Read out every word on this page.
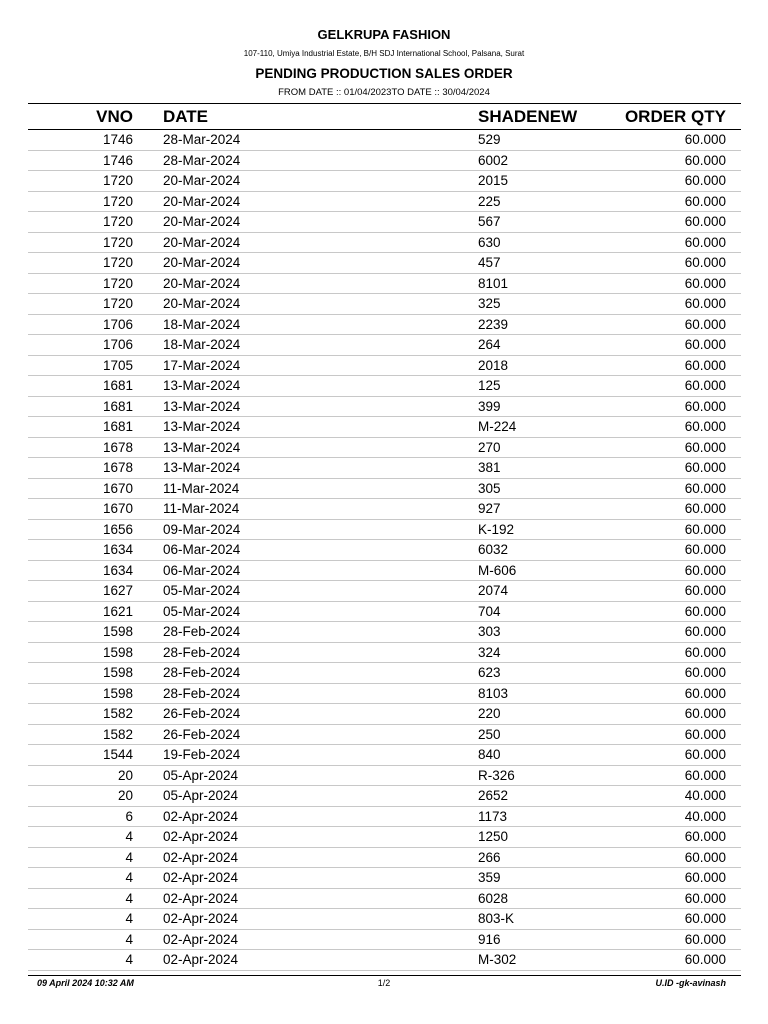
GELKRUPA FASHION
107-110, Umiya Industrial Estate, B/H SDJ International School, Palsana, Surat
PENDING PRODUCTION SALES ORDER
FROM DATE :: 01/04/2023TO DATE :: 30/04/2024
VNO DATE	SHADENEW	ORDER QTY
1746 28-Mar-2024	529	60.000
1746 28-Mar-2024	6002	60.000
1720 20-Mar-2024	2015	60.000
1720 20-Mar-2024	225	60.000
1720 20-Mar-2024	567	60.000
1720 20-Mar-2024	630	60.000
1720 20-Mar-2024	457	60.000
1720 20-Mar-2024	8101	60.000
1720 20-Mar-2024	325	60.000
1706 18-Mar-2024	2239	60.000
1706 18-Mar-2024	264	60.000
1705 17-Mar-2024	2018	60.000
1681 13-Mar-2024	125	60.000
1681 13-Mar-2024	399	60.000
1681 13-Mar-2024	M-224	60.000
1678 13-Mar-2024	270	60.000
1678 13-Mar-2024	381	60.000
1670 11-Mar-2024	305	60.000
1670 11-Mar-2024	927	60.000
1656 09-Mar-2024	K-192	60.000
1634 06-Mar-2024	6032	60.000
1634 06-Mar-2024	M-606	60.000
1627 05-Mar-2024	2074	60.000
1621 05-Mar-2024	704	60.000
1598 28-Feb-2024	303	60.000
1598 28-Feb-2024	324	60.000
1598 28-Feb-2024	623	60.000
1598 28-Feb-2024	8103	60.000
1582 26-Feb-2024	220	60.000
1582 26-Feb-2024	250	60.000
1544 19-Feb-2024	840	60.000
20 05-Apr-2024	R-326	60.000
20 05-Apr-2024	2652	40.000
6 02-Apr-2024	1173	40.000
4 02-Apr-2024	1250	60.000
4 02-Apr-2024	266	60.000
4 02-Apr-2024	359	60.000
4 02-Apr-2024	6028	60.000
4 02-Apr-2024	803-K	60.000
4 02-Apr-2024	916	60.000
4 02-Apr-2024	M-302	60.000
09 April 2024 10:32 AM	1/2	U.ID -gk-avinash
